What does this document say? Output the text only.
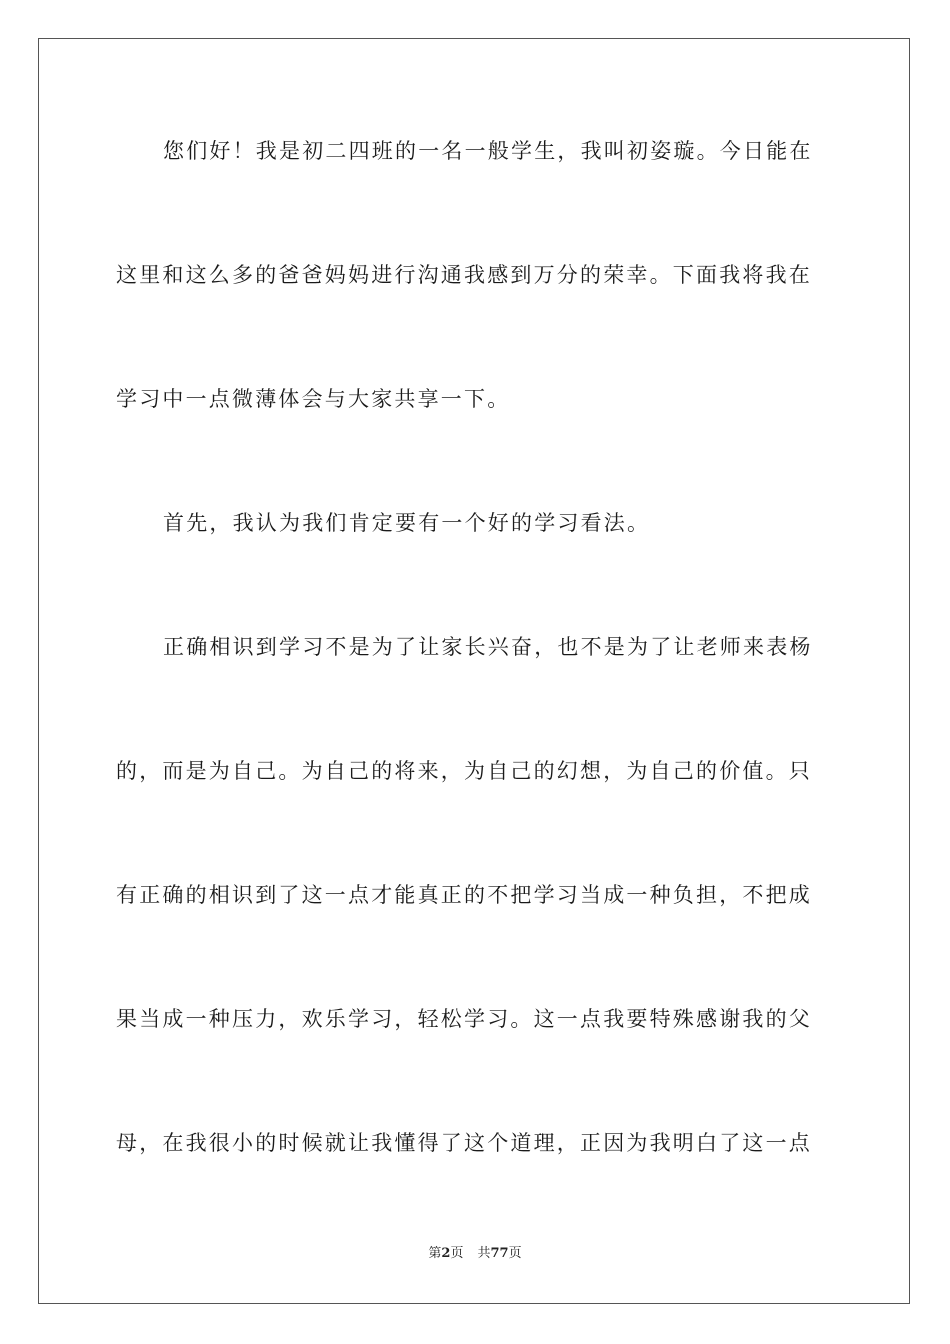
您们好！我是初二四班的一名一般学生，我叫初姿璇。今日能在
这里和这么多的爸爸妈妈进行沟通我感到万分的荣幸。下面我将我在
学习中一点微薄体会与大家共享一下。
首先，我认为我们肯定要有一个好的学习看法。
正确相识到学习不是为了让家长兴奋，也不是为了让老师来表杨
的，而是为自己。为自己的将来，为自己的幻想，为自己的价值。只
有正确的相识到了这一点才能真正的不把学习当成一种负担，不把成
果当成一种压力，欢乐学习，轻松学习。这一点我要特殊感谢我的父
母，在我很小的时候就让我懂得了这个道理，正因为我明白了这一点
第2页 共77页
